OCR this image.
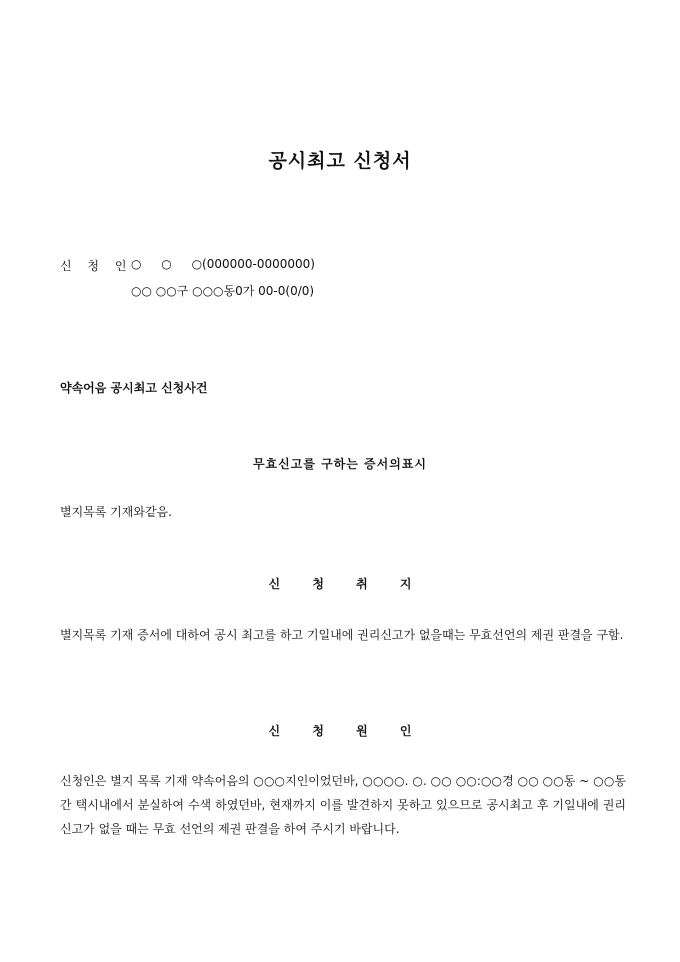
공시최고 신청서
신 청 인
○ ○ ○(000000-0000000)
○○ ○○구 ○○○동0가 00-0(0/0)
약속어음 공시최고 신청사건
무효신고를 구하는 증서의표시
별지목록 기재와같음.
신 청 취 지
별지목록 기재 증서에 대하여 공시 최고를 하고 기일내에 권리신고가 없을때는 무효선언의 제권 판결을 구함.
신 청 원 인
신청인은 별지 목록 기재 약속어음의 ○○○지인이었던바, ○○○○. ○. ○○ ○○:○○경 ○○ ○○동 ~ ○○동간 택시내에서 분실하여 수색 하였던바, 현재까지 이를 발견하지 못하고 있으므로 공시최고 후 기일내에 권리신고가 없을 때는 무효 선언의 제권 판결을 하여 주시기 바랍니다.
